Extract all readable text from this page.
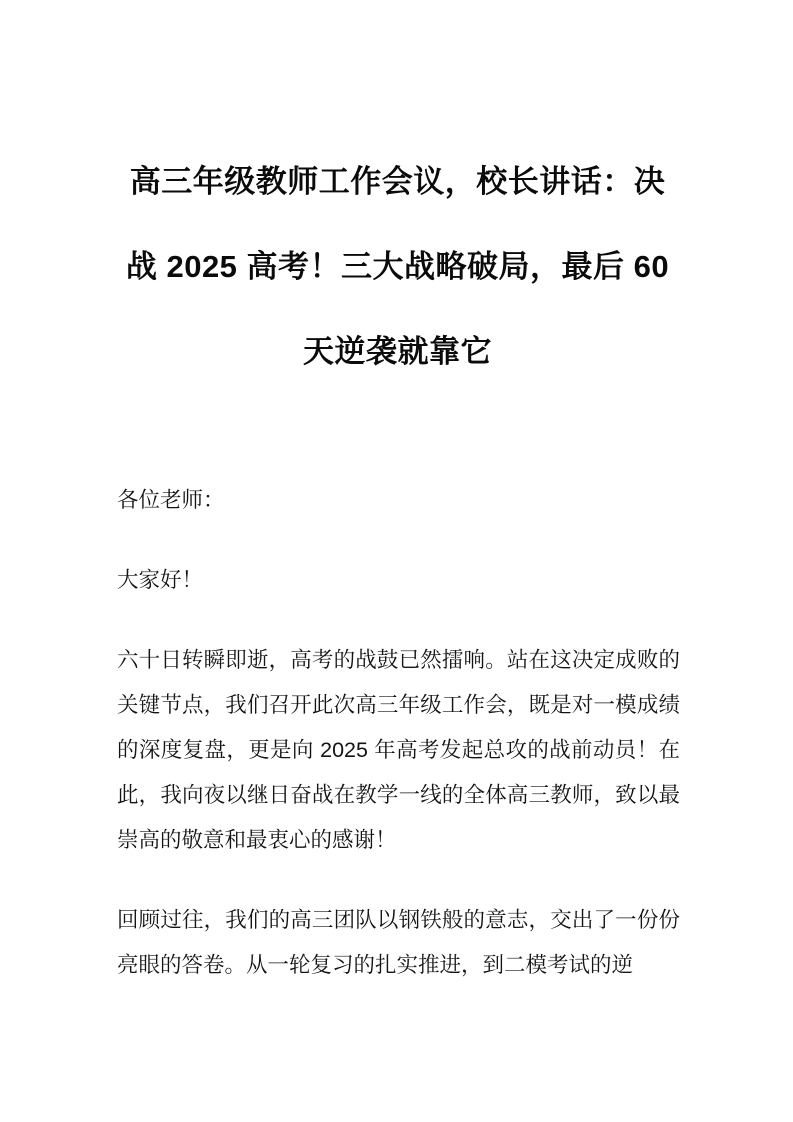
高三年级教师工作会议，校长讲话：决战 2025 高考！三大战略破局，最后 60 天逆袭就靠它

各位老师：

大家好！

六十日转瞬即逝，高考的战鼓已然擂响。站在这决定成败的关键节点，我们召开此次高三年级工作会，既是对一模成绩的深度复盘，更是向 2025 年高考发起总攻的战前动员！在此，我向夜以继日奋战在教学一线的全体高三教师，致以最崇高的敬意和最衷心的感谢！

回顾过往，我们的高三团队以钢铁般的意志，交出了一份份亮眼的答卷。从一轮复习的扎实推进，到二模考试的逆
